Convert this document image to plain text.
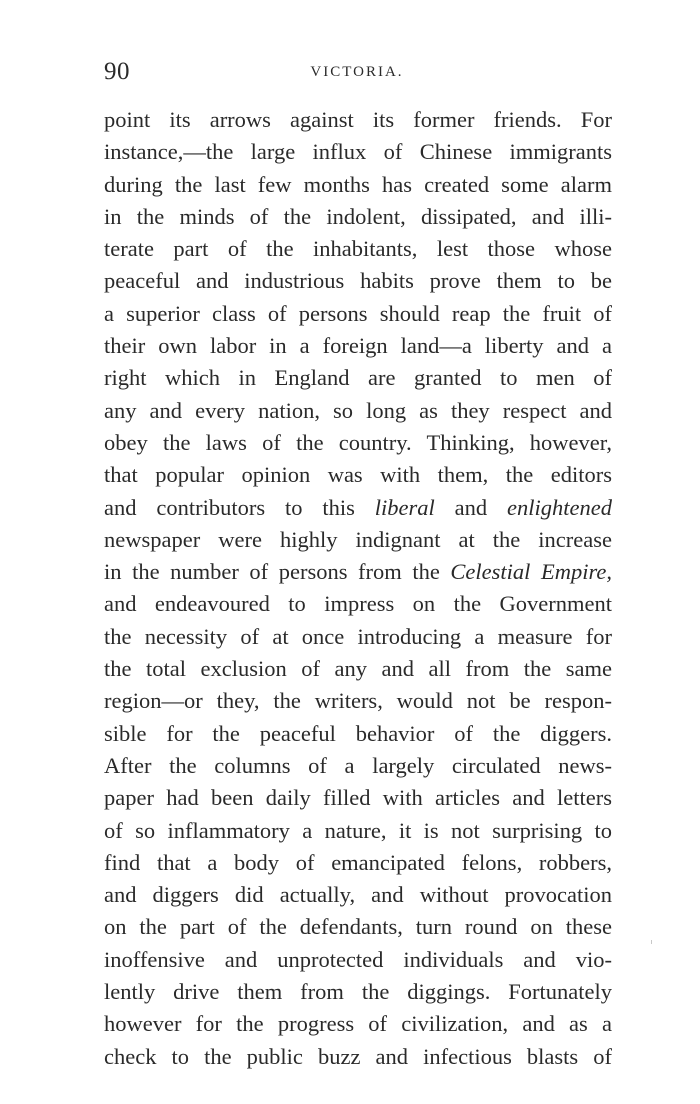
90	VICTORIA.
point its arrows against its former friends. For
instance,—the large influx of Chinese immigrants
during the last few months has created some alarm
in the minds of the indolent, dissipated, and illi-
terate part of the inhabitants, lest those whose
peaceful and industrious habits prove them to be
a superior class of persons should reap the fruit of
their own labor in a foreign land—a liberty and a
right which in England are granted to men of
any and every nation, so long as they respect and
obey the laws of the country. Thinking, however,
that popular opinion was with them, the editors
and contributors to this liberal and enlightened
newspaper were highly indignant at the increase
in the number of persons from the Celestial Empire,
and endeavoured to impress on the Government
the necessity of at once introducing a measure for
the total exclusion of any and all from the same
region—or they, the writers, would not be respon-
sible for the peaceful behavior of the diggers.
After the columns of a largely circulated news-
paper had been daily filled with articles and letters
of so inflammatory a nature, it is not surprising to
find that a body of emancipated felons, robbers,
and diggers did actually, and without provocation
on the part of the defendants, turn round on these
inoffensive and unprotected individuals and vio-
lently drive them from the diggings. Fortunately
however for the progress of civilization, and as a
check to the public buzz and infectious blasts of
